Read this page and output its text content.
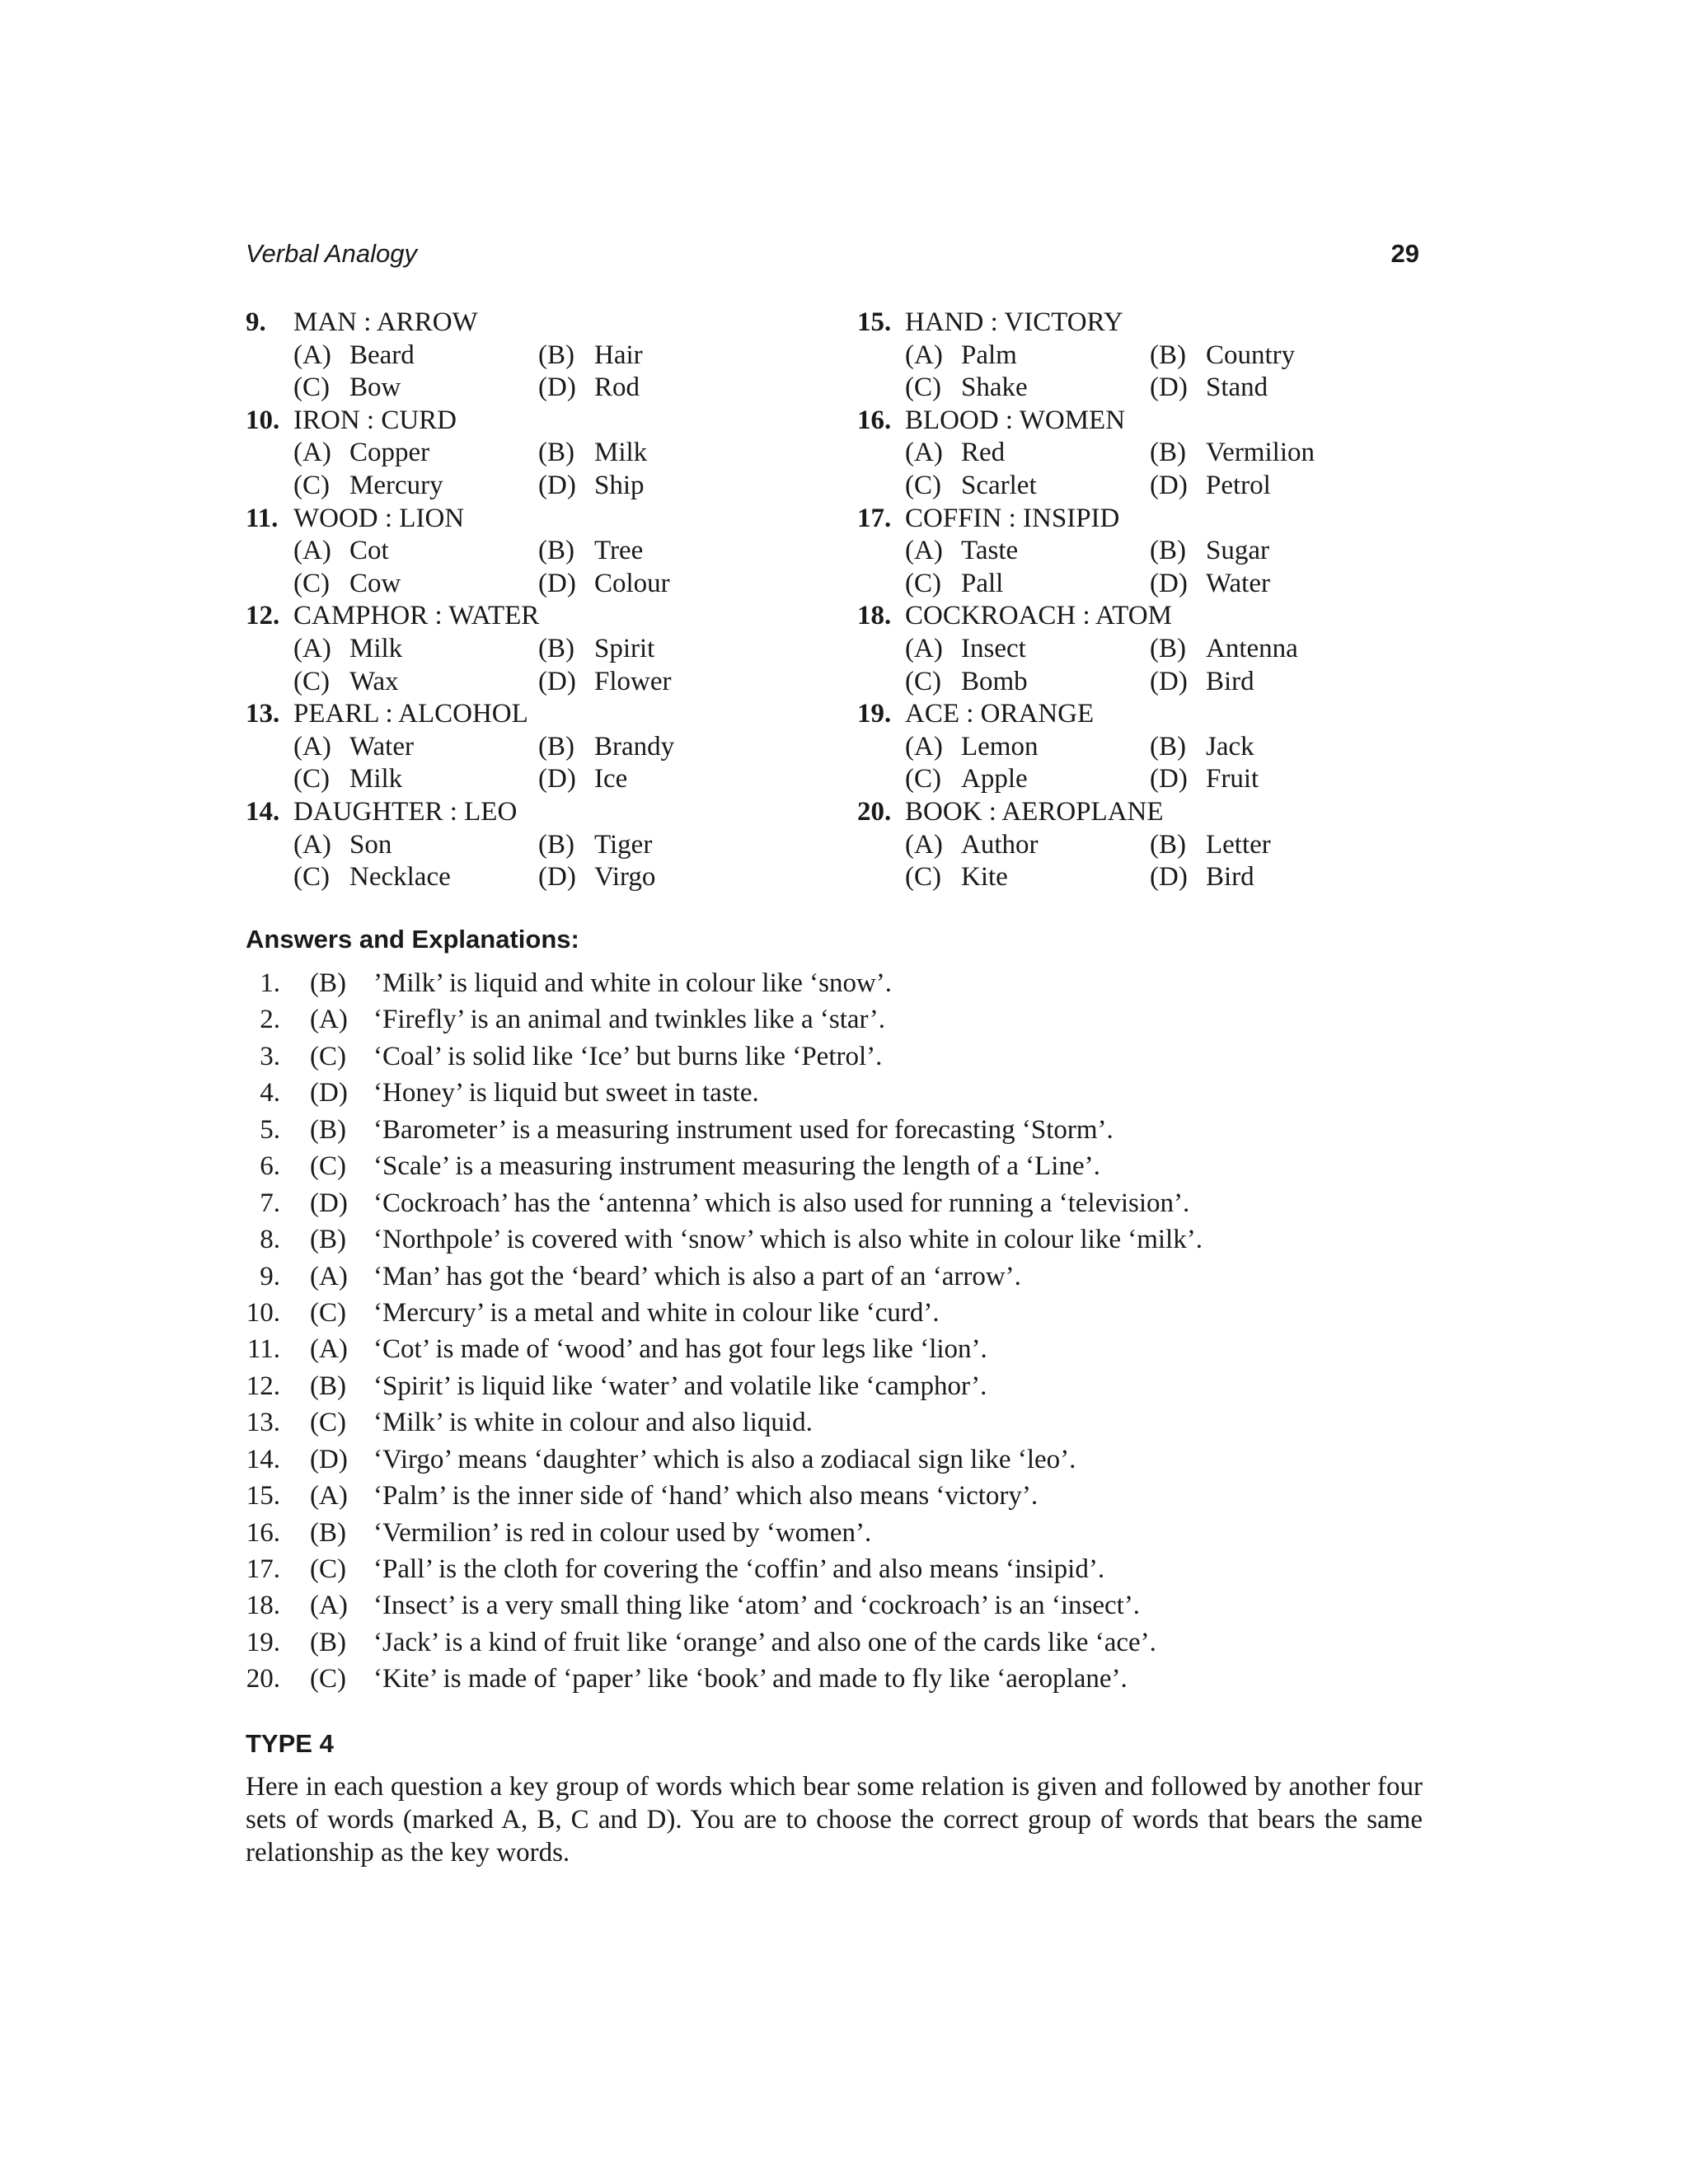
Verbal Analogy	29
9. MAN : ARROW
(A) Beard	(B) Hair
(C) Bow	(D) Rod
10. IRON : CURD
(A) Copper	(B) Milk
(C) Mercury	(D) Ship
11. WOOD : LION
(A) Cot	(B) Tree
(C) Cow	(D) Colour
12. CAMPHOR : WATER
(A) Milk	(B) Spirit
(C) Wax	(D) Flower
13. PEARL : ALCOHOL
(A) Water	(B) Brandy
(C) Milk	(D) Ice
14. DAUGHTER : LEO
(A) Son	(B) Tiger
(C) Necklace	(D) Virgo
15. HAND : VICTORY
(A) Palm	(B) Country
(C) Shake	(D) Stand
16. BLOOD : WOMEN
(A) Red	(B) Vermilion
(C) Scarlet	(D) Petrol
17. COFFIN : INSIPID
(A) Taste	(B) Sugar
(C) Pall	(D) Water
18. COCKROACH : ATOM
(A) Insect	(B) Antenna
(C) Bomb	(D) Bird
19. ACE : ORANGE
(A) Lemon	(B) Jack
(C) Apple	(D) Fruit
20. BOOK : AEROPLANE
(A) Author	(B) Letter
(C) Kite	(D) Bird
Answers and Explanations:
1. (B) ’Milk’ is liquid and white in colour like ‘snow’.
2. (A) ‘Firefly’ is an animal and twinkles like a ‘star’.
3. (C) ‘Coal’ is solid like ‘Ice’ but burns like ‘Petrol’.
4. (D) ‘Honey’ is liquid but sweet in taste.
5. (B) ‘Barometer’ is a measuring instrument used for forecasting ‘Storm’.
6. (C) ‘Scale’ is a measuring instrument measuring the length of a ‘Line’.
7. (D) ‘Cockroach’ has the ‘antenna’ which is also used for running a ‘television’.
8. (B) ‘Northpole’ is covered with ‘snow’ which is also white in colour like ‘milk’.
9. (A) ‘Man’ has got the ‘beard’ which is also a part of an ‘arrow’.
10. (C) ‘Mercury’ is a metal and white in colour like ‘curd’.
11. (A) ‘Cot’ is made of ‘wood’ and has got four legs like ‘lion’.
12. (B) ‘Spirit’ is liquid like ‘water’ and volatile like ‘camphor’.
13. (C) ‘Milk’ is white in colour and also liquid.
14. (D) ‘Virgo’ means ‘daughter’ which is also a zodiacal sign like ‘leo’.
15. (A) ‘Palm’ is the inner side of ‘hand’ which also means ‘victory’.
16. (B) ‘Vermilion’ is red in colour used by ‘women’.
17. (C) ‘Pall’ is the cloth for covering the ‘coffin’ and also means ‘insipid’.
18. (A) ‘Insect’ is a very small thing like ‘atom’ and ‘cockroach’ is an ‘insect’.
19. (B) ‘Jack’ is a kind of fruit like ‘orange’ and also one of the cards like ‘ace’.
20. (C) ‘Kite’ is made of ‘paper’ like ‘book’ and made to fly like ‘aeroplane’.
TYPE 4
Here in each question a key group of words which bear some relation is given and followed by another four sets of words (marked A, B, C and D). You are to choose the correct group of words that bears the same relationship as the key words.
